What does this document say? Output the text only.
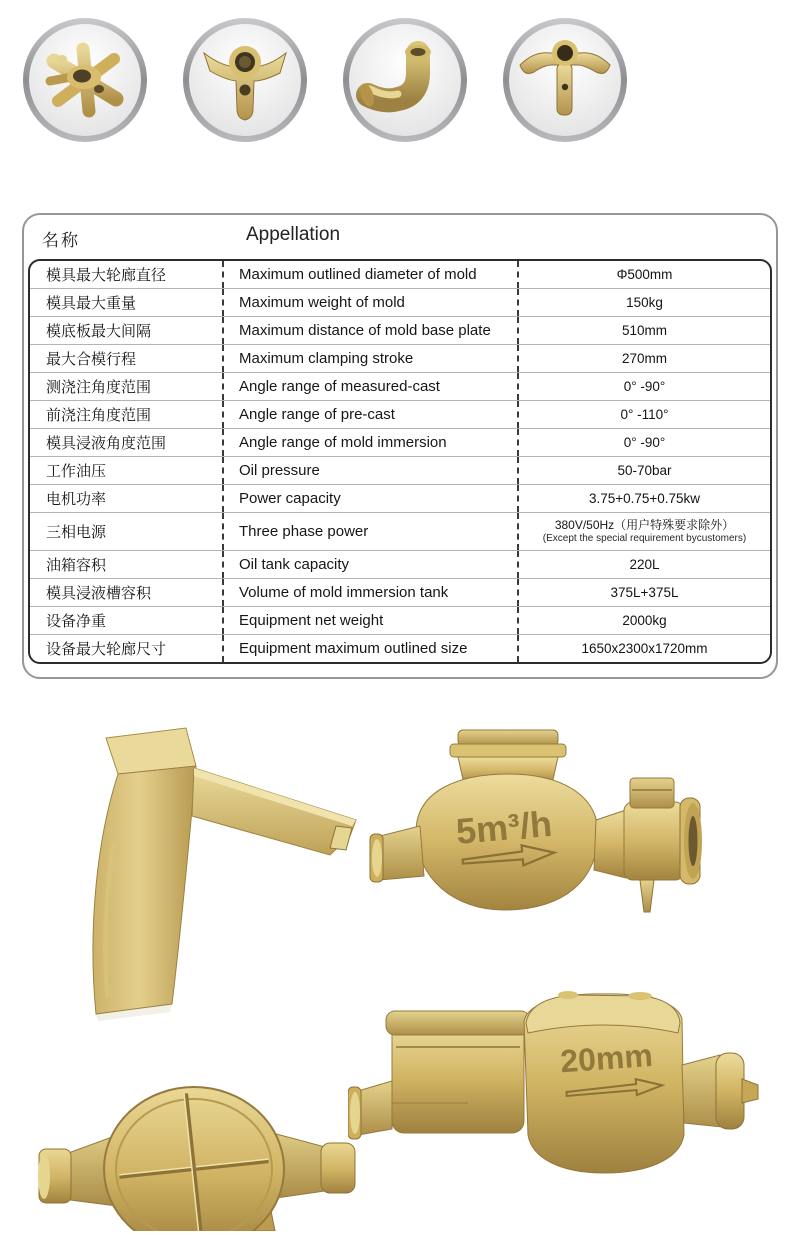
名称	Appellation
模具最大轮廊直径	Maximum outlined diameter of mold	Φ500mm
模具最大重量	Maximum weight of mold	150kg
模底板最大间隔	Maximum distance of mold base plate	510mm
最大合模行程	Maximum clamping stroke	270mm
测浇注角度范围	Angle range of measured-cast	0° -90°
前浇注角度范围	Angle range of pre-cast	0° -110°
模具浸液角度范围	Angle range of mold immersion	0° -90°
工作油压	Oil pressure	50-70bar
电机功率	Power capacity	3.75+0.75+0.75kw
三相电源	Three phase power	380V/50Hz（用户特殊要求除外）
(Except the special requirement bycustomers)
油箱容积	Oil tank capacity	220L
模具浸液槽容积	Volume of mold immersion tank	375L+375L
设备净重	Equipment net weight	2000kg
设备最大轮廊尺寸	Equipment maximum outlined size	1650x2300x1720mm
5m³/h
20mm
